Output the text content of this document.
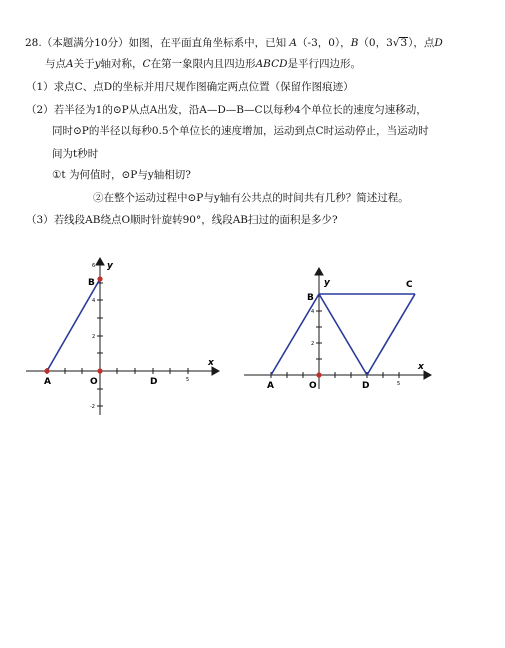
28.（本题满分10分）如图，在平面直角坐标系中，已知 A（-3，0），B（0，3√3），点D
与点A关于y轴对称，C在第一象限内且四边形ABCD是平行四边形。
（1）求点C、点D的坐标并用尺规作图确定两点位置（保留作图痕迹）
（2）若半径为1的⊙P从点A出发，沿A—D—B—C以每秒4个单位长的速度匀速移动，
同时⊙P的半径以每秒0.5个单位长的速度增加，运动到点C时运动停止，当运动时
间为t秒时
①t 为何值时，⊙P与y轴相切?
②在整个运动过程中⊙P与y轴有公共点的时间共有几秒？简述过程。
（3）若线段AB绕点O顺时针旋转90°，线段AB扫过的面积是多少?
y
x
B
A	O	D
6
4
2
-2
5
y
x
B
C
A	O	D
4
2
5
